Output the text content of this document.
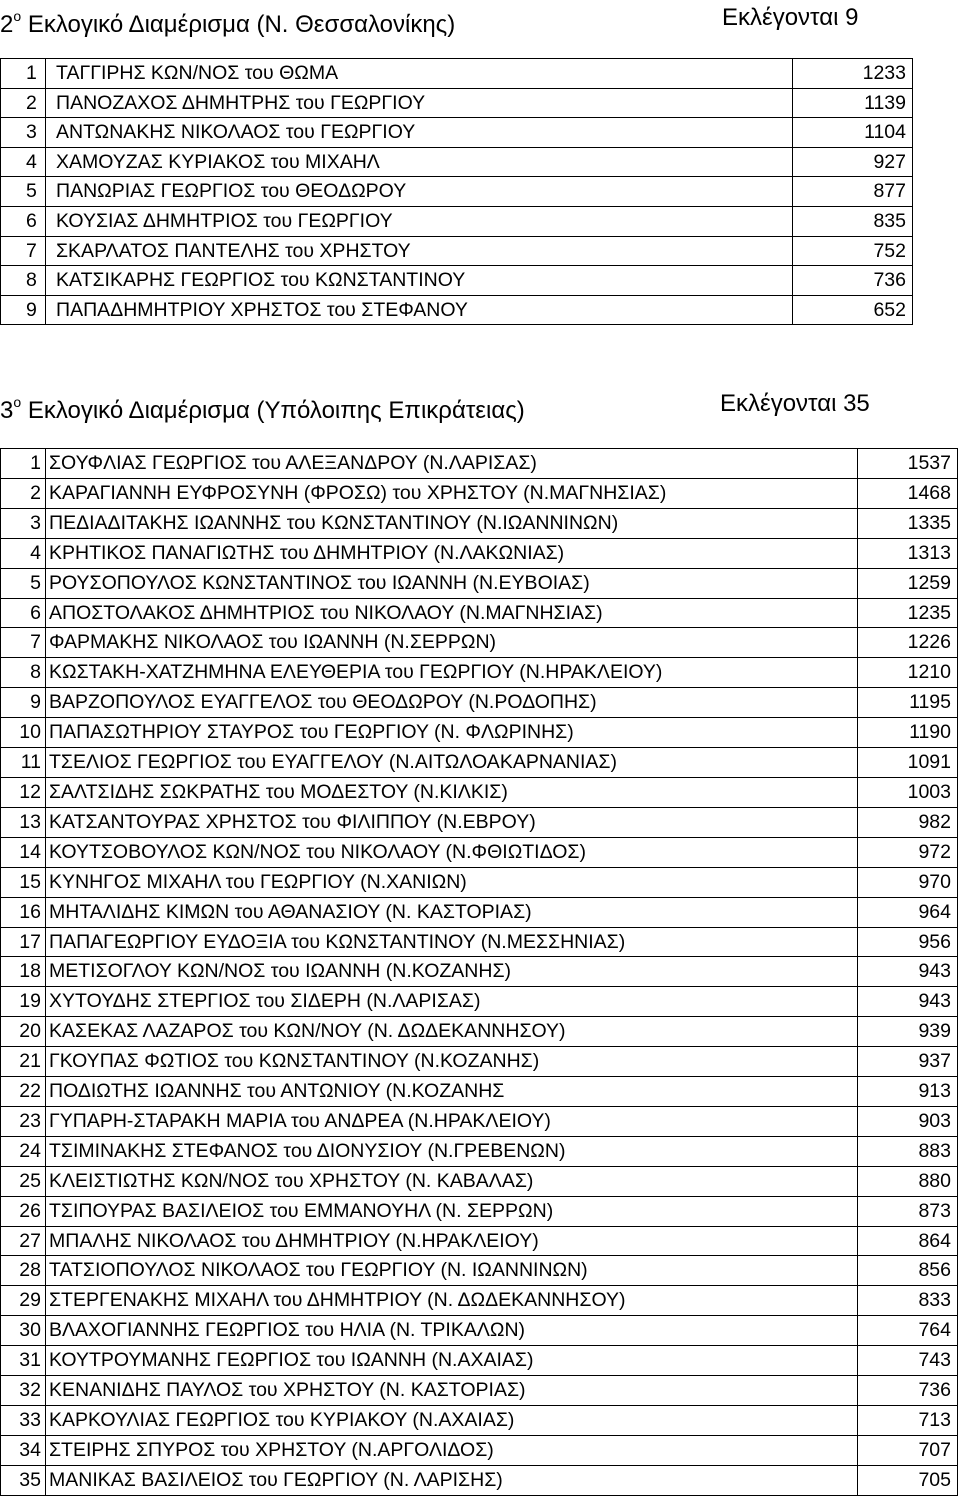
$2^o$ Εκλογικό Διαμέρισμα (Ν. Θεσσαλονίκης)	Εκλέγονται 9
1	ΤΑΓΓΙΡΗΣ ΚΩΝ/ΝΟΣ του ΘΩΜΑ	1233
2	ΠΑΝΟΖΑΧΟΣ ΔΗΜΗΤΡΗΣ του ΓΕΩΡΓΙΟΥ	1139
3	ΑΝΤΩΝΑΚΗΣ ΝΙΚΟΛΑΟΣ του ΓΕΩΡΓΙΟΥ	1104
4	ΧΑΜΟΥΖΑΣ ΚΥΡΙΑΚΟΣ του ΜΙΧΑΗΛ	927
5	ΠΑΝΩΡΙΑΣ ΓΕΩΡΓΙΟΣ του ΘΕΟΔΩΡΟΥ	877
6	ΚΟΥΣΙΑΣ ΔΗΜΗΤΡΙΟΣ του ΓΕΩΡΓΙΟΥ	835
7	ΣΚΑΡΛΑΤΟΣ ΠΑΝΤΕΛΗΣ του ΧΡΗΣΤΟΥ	752
8	ΚΑΤΣΙΚΑΡΗΣ ΓΕΩΡΓΙΟΣ του ΚΩΝΣΤΑΝΤΙΝΟΥ	736
9	ΠΑΠΑΔΗΜΗΤΡΙΟΥ ΧΡΗΣΤΟΣ του ΣΤΕΦΑΝΟΥ	652
$3^o$ Εκλογικό Διαμέρισμα (Υπόλοιπης Επικράτειας)	Εκλέγονται 35
1	ΣΟΥΦΛΙΑΣ ΓΕΩΡΓΙΟΣ του ΑΛΕΞΑΝΔΡΟΥ (Ν.ΛΑΡΙΣΑΣ)	1537
2	ΚΑΡΑΓΙΑΝΝΗ ΕΥΦΡΟΣΥΝΗ (ΦΡΟΣΩ) του ΧΡΗΣΤΟΥ (Ν.ΜΑΓΝΗΣΙΑΣ)	1468
3	ΠΕΔΙΑΔΙΤΑΚΗΣ ΙΩΑΝΝΗΣ του ΚΩΝΣΤΑΝΤΙΝΟΥ (Ν.ΙΩΑΝΝΙΝΩΝ)	1335
4	ΚΡΗΤΙΚΟΣ ΠΑΝΑΓΙΩΤΗΣ του ΔΗΜΗΤΡΙΟΥ (Ν.ΛΑΚΩΝΙΑΣ)	1313
5	ΡΟΥΣΟΠΟΥΛΟΣ ΚΩΝΣΤΑΝΤΙΝΟΣ του ΙΩΑΝΝΗ (Ν.ΕΥΒΟΙΑΣ)	1259
6	ΑΠΟΣΤΟΛΑΚΟΣ ΔΗΜΗΤΡΙΟΣ του ΝΙΚΟΛΑΟΥ (Ν.ΜΑΓΝΗΣΙΑΣ)	1235
7	ΦΑΡΜΑΚΗΣ ΝΙΚΟΛΑΟΣ του ΙΩΑΝΝΗ (Ν.ΣΕΡΡΩΝ)	1226
8	ΚΩΣΤΑΚΗ-ΧΑΤΖΗΜΗΝΑ ΕΛΕΥΘΕΡΙΑ του ΓΕΩΡΓΙΟΥ (Ν.ΗΡΑΚΛΕΙΟΥ)	1210
9	ΒΑΡΖΟΠΟΥΛΟΣ ΕΥΑΓΓΕΛΟΣ του ΘΕΟΔΩΡΟΥ (Ν.ΡΟΔΟΠΗΣ)	1195
10	ΠΑΠΑΣΩΤΗΡΙΟΥ ΣΤΑΥΡΟΣ του ΓΕΩΡΓΙΟΥ (Ν. ΦΛΩΡΙΝΗΣ)	1190
11	ΤΣΕΛΙΟΣ ΓΕΩΡΓΙΟΣ του ΕΥΑΓΓΕΛΟΥ (Ν.ΑΙΤΩΛΟΑΚΑΡΝΑΝΙΑΣ)	1091
12	ΣΑΛΤΣΙΔΗΣ ΣΩΚΡΑΤΗΣ του ΜΟΔΕΣΤΟΥ (Ν.ΚΙΛΚΙΣ)	1003
13	ΚΑΤΣΑΝΤΟΥΡΑΣ ΧΡΗΣΤΟΣ του ΦΙΛΙΠΠΟΥ (Ν.ΕΒΡΟΥ)	982
14	ΚΟΥΤΣΟΒΟΥΛΟΣ ΚΩΝ/ΝΟΣ του ΝΙΚΟΛΑΟΥ (Ν.ΦΘΙΩΤΙΔΟΣ)	972
15	ΚΥΝΗΓΟΣ ΜΙΧΑΗΛ του ΓΕΩΡΓΙΟΥ (Ν.ΧΑΝΙΩΝ)	970
16	ΜΗΤΑΛΙΔΗΣ ΚΙΜΩΝ του ΑΘΑΝΑΣΙΟΥ (Ν. ΚΑΣΤΟΡΙΑΣ)	964
17	ΠΑΠΑΓΕΩΡΓΙΟΥ ΕΥΔΟΞΙΑ του ΚΩΝΣΤΑΝΤΙΝΟΥ (Ν.ΜΕΣΣΗΝΙΑΣ)	956
18	ΜΕΤΙΣΟΓΛΟΥ ΚΩΝ/ΝΟΣ του ΙΩΑΝΝΗ (Ν.ΚΟΖΑΝΗΣ)	943
19	ΧΥΤΟΥΔΗΣ ΣΤΕΡΓΙΟΣ του ΣΙΔΕΡΗ (Ν.ΛΑΡΙΣΑΣ)	943
20	ΚΑΣΕΚΑΣ ΛΑΖΑΡΟΣ του ΚΩΝ/ΝΟΥ (Ν. ΔΩΔΕΚΑΝΝΗΣΟΥ)	939
21	ΓΚΟΥΠΑΣ ΦΩΤΙΟΣ του ΚΩΝΣΤΑΝΤΙΝΟΥ (Ν.ΚΟΖΑΝΗΣ)	937
22	ΠΟΔΙΩΤΗΣ ΙΩΑΝΝΗΣ του ΑΝΤΩΝΙΟΥ (Ν.ΚΟΖΑΝΗΣ	913
23	ΓΥΠΑΡΗ-ΣΤΑΡΑΚΗ ΜΑΡΙΑ του ΑΝΔΡΕΑ (Ν.ΗΡΑΚΛΕΙΟΥ)	903
24	ΤΣΙΜΙΝΑΚΗΣ ΣΤΕΦΑΝΟΣ του ΔΙΟΝΥΣΙΟΥ (Ν.ΓΡΕΒΕΝΩΝ)	883
25	ΚΛΕΙΣΤΙΩΤΗΣ ΚΩΝ/ΝΟΣ του ΧΡΗΣΤΟΥ (Ν. ΚΑΒΑΛΑΣ)	880
26	ΤΣΙΠΟΥΡΑΣ ΒΑΣΙΛΕΙΟΣ του ΕΜΜΑΝΟΥΗΛ (Ν. ΣΕΡΡΩΝ)	873
27	ΜΠΑΛΗΣ ΝΙΚΟΛΑΟΣ του ΔΗΜΗΤΡΙΟΥ (Ν.ΗΡΑΚΛΕΙΟΥ)	864
28	ΤΑΤΣΙΟΠΟΥΛΟΣ ΝΙΚΟΛΑΟΣ του ΓΕΩΡΓΙΟΥ (Ν. ΙΩΑΝΝΙΝΩΝ)	856
29	ΣΤΕΡΓΕΝΑΚΗΣ ΜΙΧΑΗΛ του ΔΗΜΗΤΡΙΟΥ (Ν. ΔΩΔΕΚΑΝΝΗΣΟΥ)	833
30	ΒΛΑΧΟΓΙΑΝΝΗΣ ΓΕΩΡΓΙΟΣ του ΗΛΙΑ (Ν. ΤΡΙΚΑΛΩΝ)	764
31	ΚΟΥΤΡΟΥΜΑΝΗΣ ΓΕΩΡΓΙΟΣ του ΙΩΑΝΝΗ (Ν.ΑΧΑΙΑΣ)	743
32	ΚΕΝΑΝΙΔΗΣ ΠΑΥΛΟΣ του ΧΡΗΣΤΟΥ (Ν. ΚΑΣΤΟΡΙΑΣ)	736
33	ΚΑΡΚΟΥΛΙΑΣ ΓΕΩΡΓΙΟΣ του ΚΥΡΙΑΚΟΥ (Ν.ΑΧΑΙΑΣ)	713
34	ΣΤΕΙΡΗΣ ΣΠΥΡΟΣ του ΧΡΗΣΤΟΥ (Ν.ΑΡΓΟΛΙΔΟΣ)	707
35	ΜΑΝΙΚΑΣ ΒΑΣΙΛΕΙΟΣ του ΓΕΩΡΓΙΟΥ (Ν. ΛΑΡΙΣΗΣ)	705
